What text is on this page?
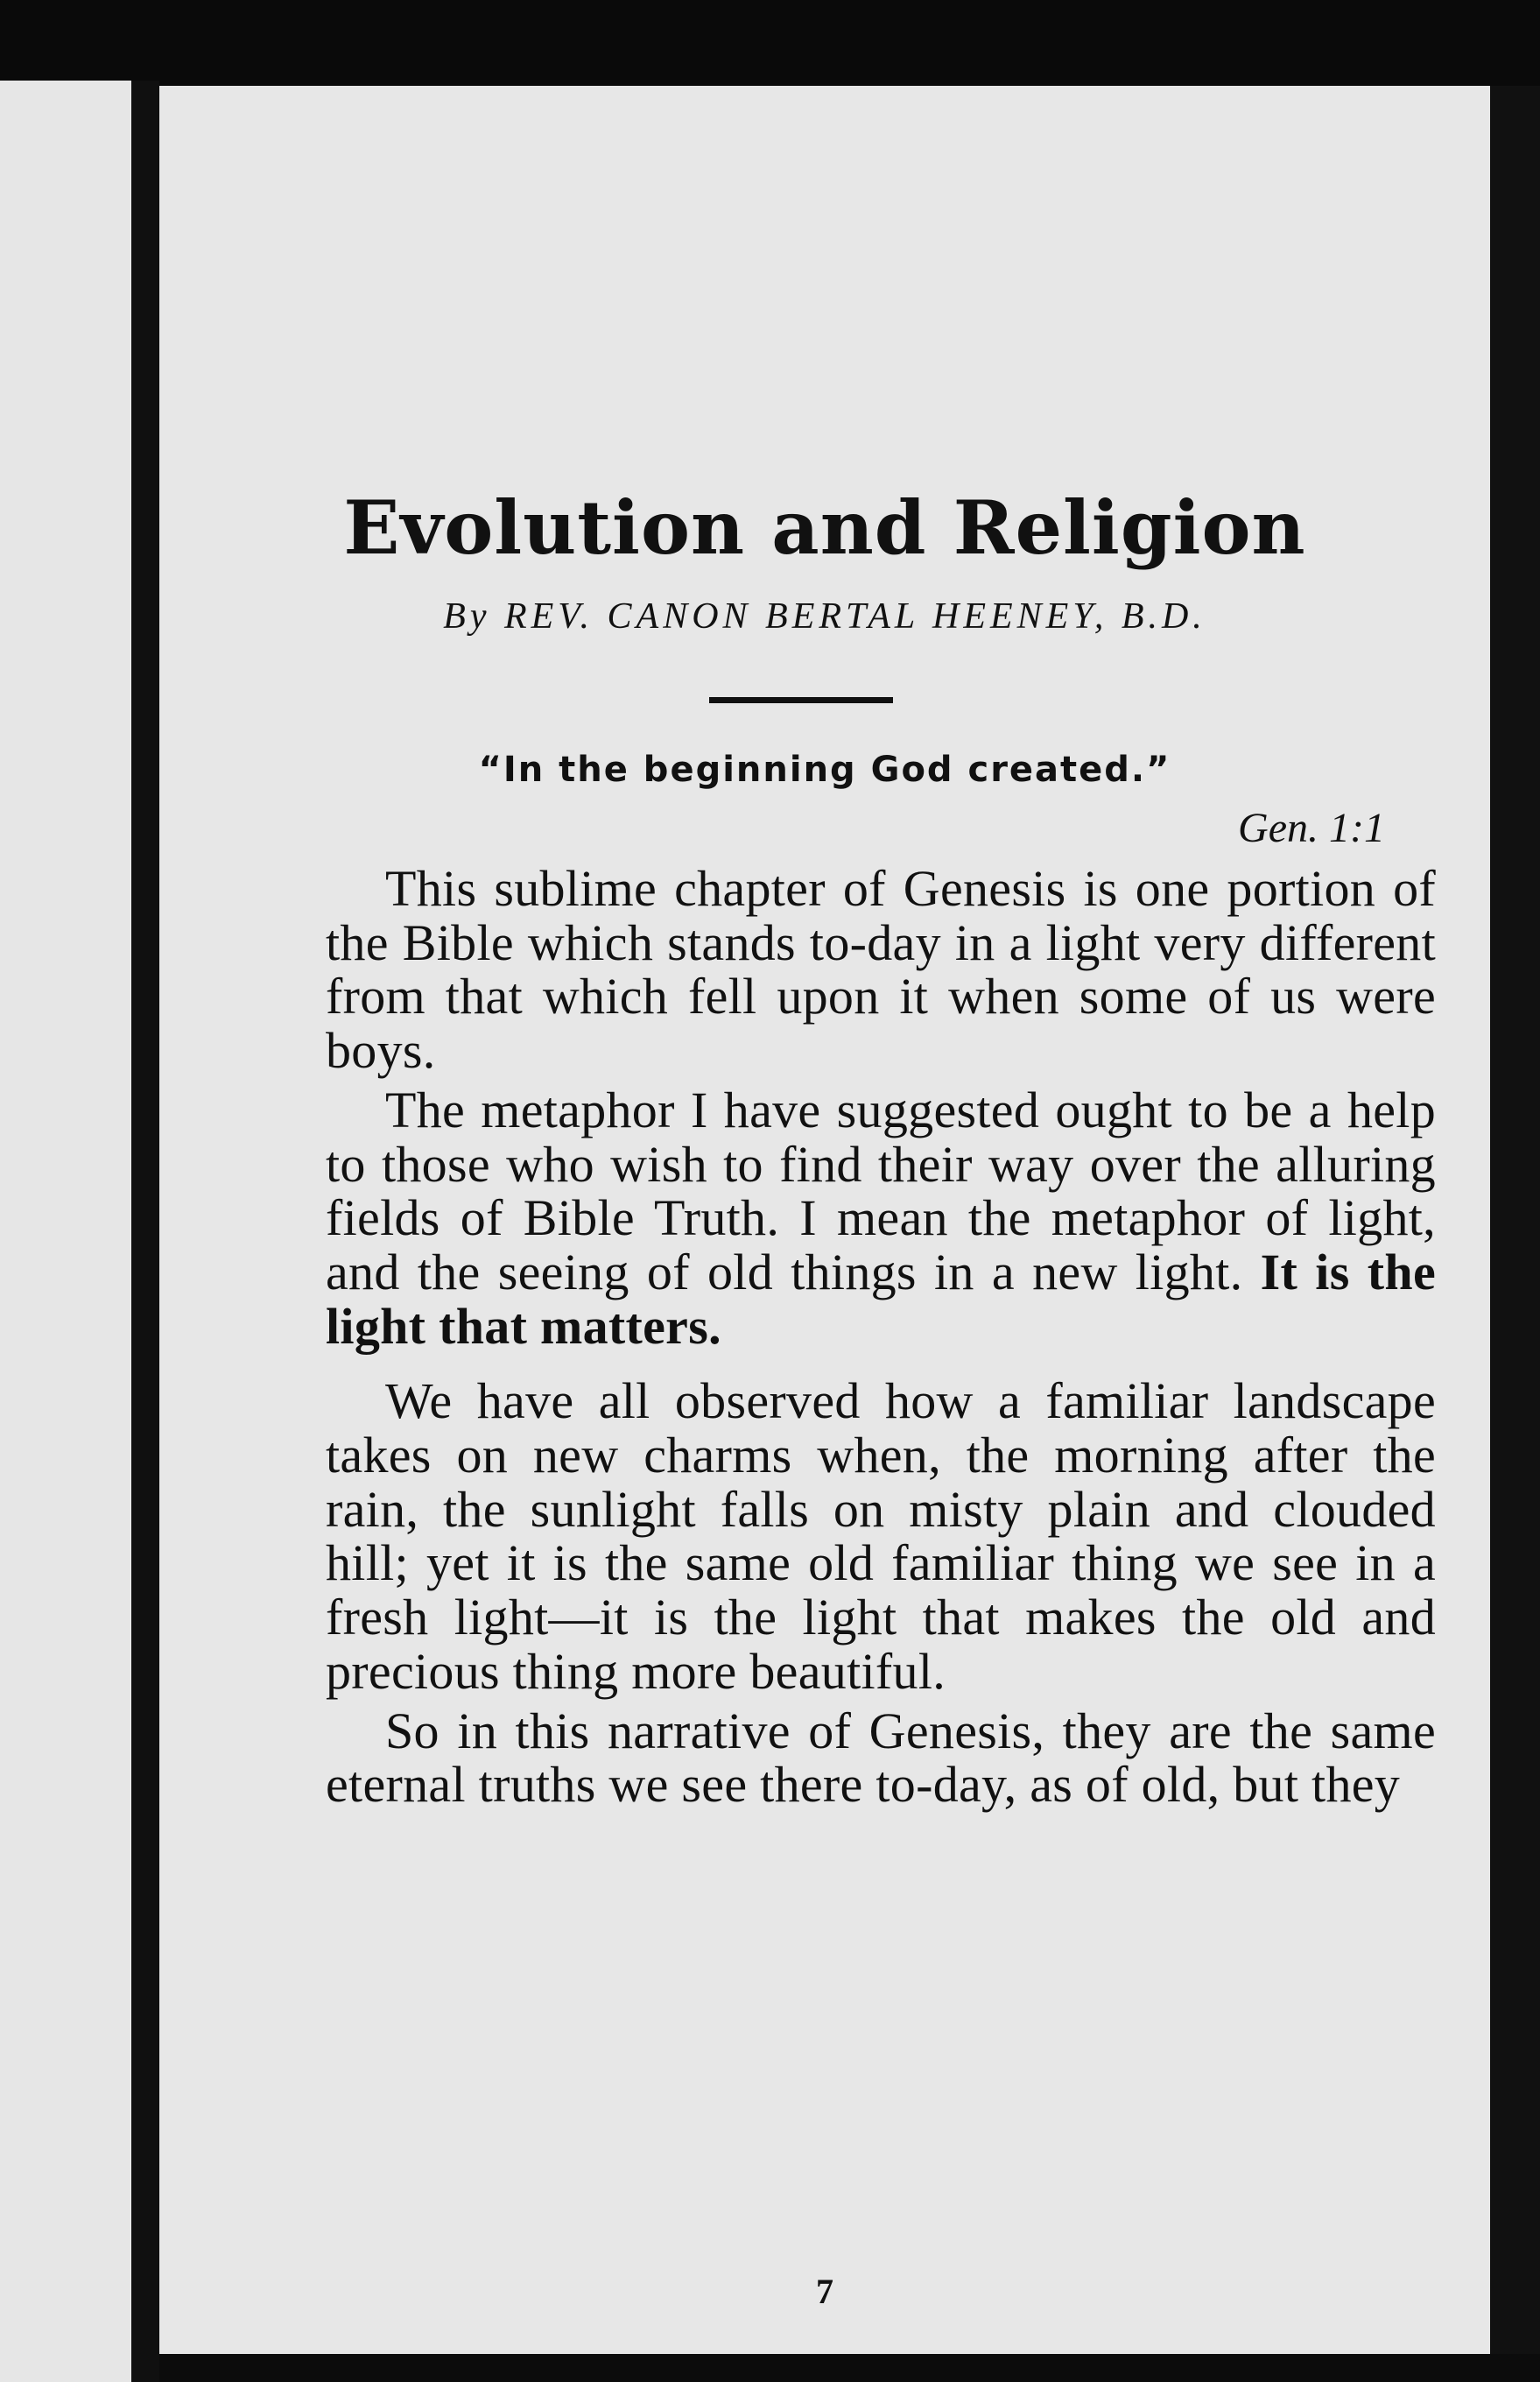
Evolution and Religion

By REV. CANON BERTAL HEENEY, B.D.

“In the beginning God created.”

Gen. 1:1

This sublime chapter of Genesis is one portion of the Bible which stands to-day in a light very different from that which fell upon it when some of us were boys.

The metaphor I have suggested ought to be a help to those who wish to find their way over the alluring fields of Bible Truth. I mean the metaphor of light, and the seeing of old things in a new light. It is the light that matters.

We have all observed how a familiar landscape takes on new charms when, the morning after the rain, the sunlight falls on misty plain and clouded hill; yet it is the same old familiar thing we see in a fresh light—it is the light that makes the old and precious thing more beautiful.

So in this narrative of Genesis, they are the same eternal truths we see there to-day, as of old, but they

7
